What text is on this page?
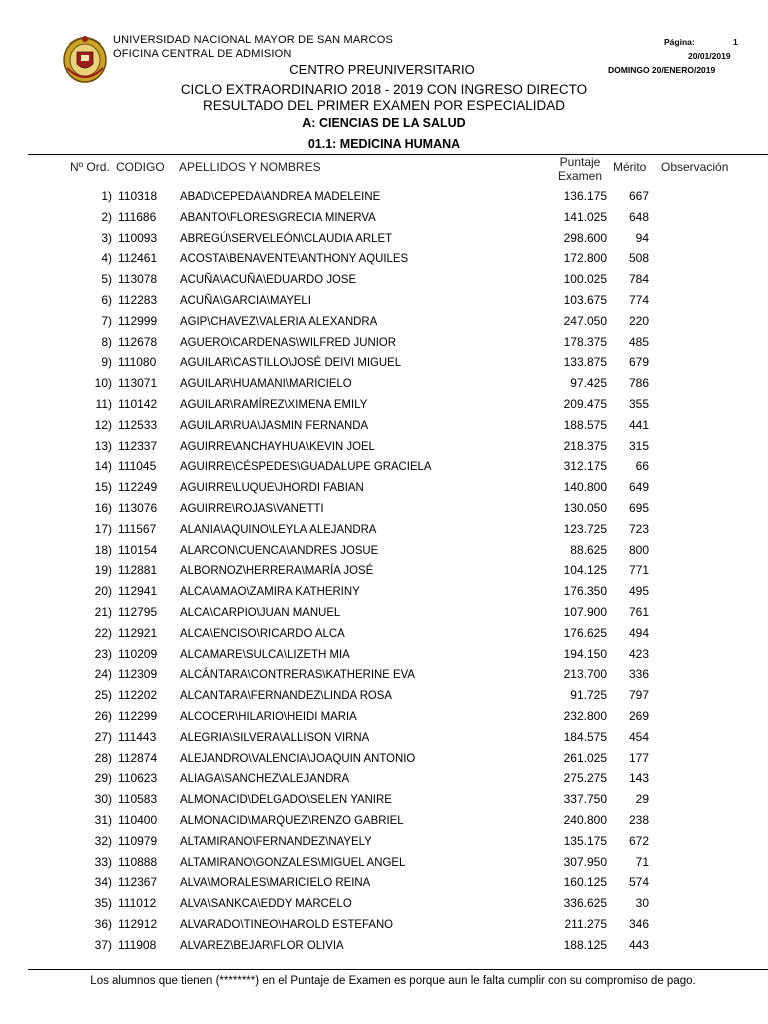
UNIVERSIDAD NACIONAL MAYOR DE SAN MARCOS
OFICINA CENTRAL DE ADMISION
CENTRO PREUNIVERSITARIO
Página:	1
20/01/2019
DOMINGO 20/ENERO/2019
CICLO EXTRAORDINARIO 2018 - 2019 CON INGRESO DIRECTO
RESULTADO DEL PRIMER EXAMEN POR ESPECIALIDAD
A: CIENCIAS DE LA SALUD
01.1: MEDICINA HUMANA
Nº Ord. CODIGO APELLIDOS Y NOMBRES	Puntaje
Examen
Mérito Observación
1) 110318 ABAD\CEPEDA\ANDREA MADELEINE	136.175 667
2) 111686 ABANTO\FLORES\GRECIA MINERVA	141.025 648
3) 110093 ABREGÚ\SERVELEÓN\CLAUDIA ARLET	298.600 94
4) 112461 ACOSTA\BENAVENTE\ANTHONY AQUILES	172.800 508
5) 113078 ACUÑA\ACUÑA\EDUARDO JOSE	100.025 784
6) 112283 ACUÑA\GARCIA\MAYELI	103.675 774
7) 112999 AGIP\CHAVEZ\VALERIA ALEXANDRA	247.050 220
8) 112678 AGUERO\CARDENAS\WILFRED JUNIOR	178.375 485
9) 111080 AGUILAR\CASTILLO\JOSÉ DEIVI MIGUEL	133.875 679
10) 113071 AGUILAR\HUAMANI\MARICIELO	97.425 786
11) 110142 AGUILAR\RAMÍREZ\XIMENA EMILY	209.475 355
12) 112533 AGUILAR\RUA\JASMIN FERNANDA	188.575 441
13) 112337 AGUIRRE\ANCHAYHUA\KEVIN JOEL	218.375 315
14) 111045 AGUIRRE\CÉSPEDES\GUADALUPE GRACIELA	312.175 66
15) 112249 AGUIRRE\LUQUE\JHORDI FABIAN	140.800 649
16) 113076 AGUIRRE\ROJAS\VANETTI	130.050 695
17) 111567 ALANIA\AQUINO\LEYLA ALEJANDRA	123.725 723
18) 110154 ALARCON\CUENCA\ANDRES JOSUE	88.625 800
19) 112881 ALBORNOZ\HERRERA\MARÍA JOSÉ	104.125 771
20) 112941 ALCA\AMAO\ZAMIRA KATHERINY	176.350 495
21) 112795 ALCA\CARPIO\JUAN MANUEL	107.900 761
22) 112921 ALCA\ENCISO\RICARDO ALCA	176.625 494
23) 110209 ALCAMARE\SULCA\LIZETH MIA	194.150 423
24) 112309 ALCÁNTARA\CONTRERAS\KATHERINE EVA	213.700 336
25) 112202 ALCANTARA\FERNANDEZ\LINDA ROSA	91.725 797
26) 112299 ALCOCER\HILARIO\HEIDI MARIA	232.800 269
27) 111443 ALEGRIA\SILVERA\ALLISON VIRNA	184.575 454
28) 112874 ALEJANDRO\VALENCIA\JOAQUIN ANTONIO	261.025 177
29) 110623 ALIAGA\SANCHEZ\ALEJANDRA	275.275 143
30) 110583 ALMONACID\DELGADO\SELEN YANIRE	337.750 29
31) 110400 ALMONACID\MARQUEZ\RENZO GABRIEL	240.800 238
32) 110979 ALTAMIRANO\FERNANDEZ\NAYELY	135.175 672
33) 110888 ALTAMIRANO\GONZALES\MIGUEL ANGEL	307.950 71
34) 112367 ALVA\MORALES\MARICIELO REINA	160.125 574
35) 111012 ALVA\SANKCA\EDDY MARCELO	336.625 30
36) 112912 ALVARADO\TINEO\HAROLD ESTEFANO	211.275 346
37) 111908 ALVAREZ\BEJAR\FLOR OLIVIA	188.125 443
Los alumnos que tienen (********) en el Puntaje de Examen es porque aun le falta cumplir con su compromiso de pago.
